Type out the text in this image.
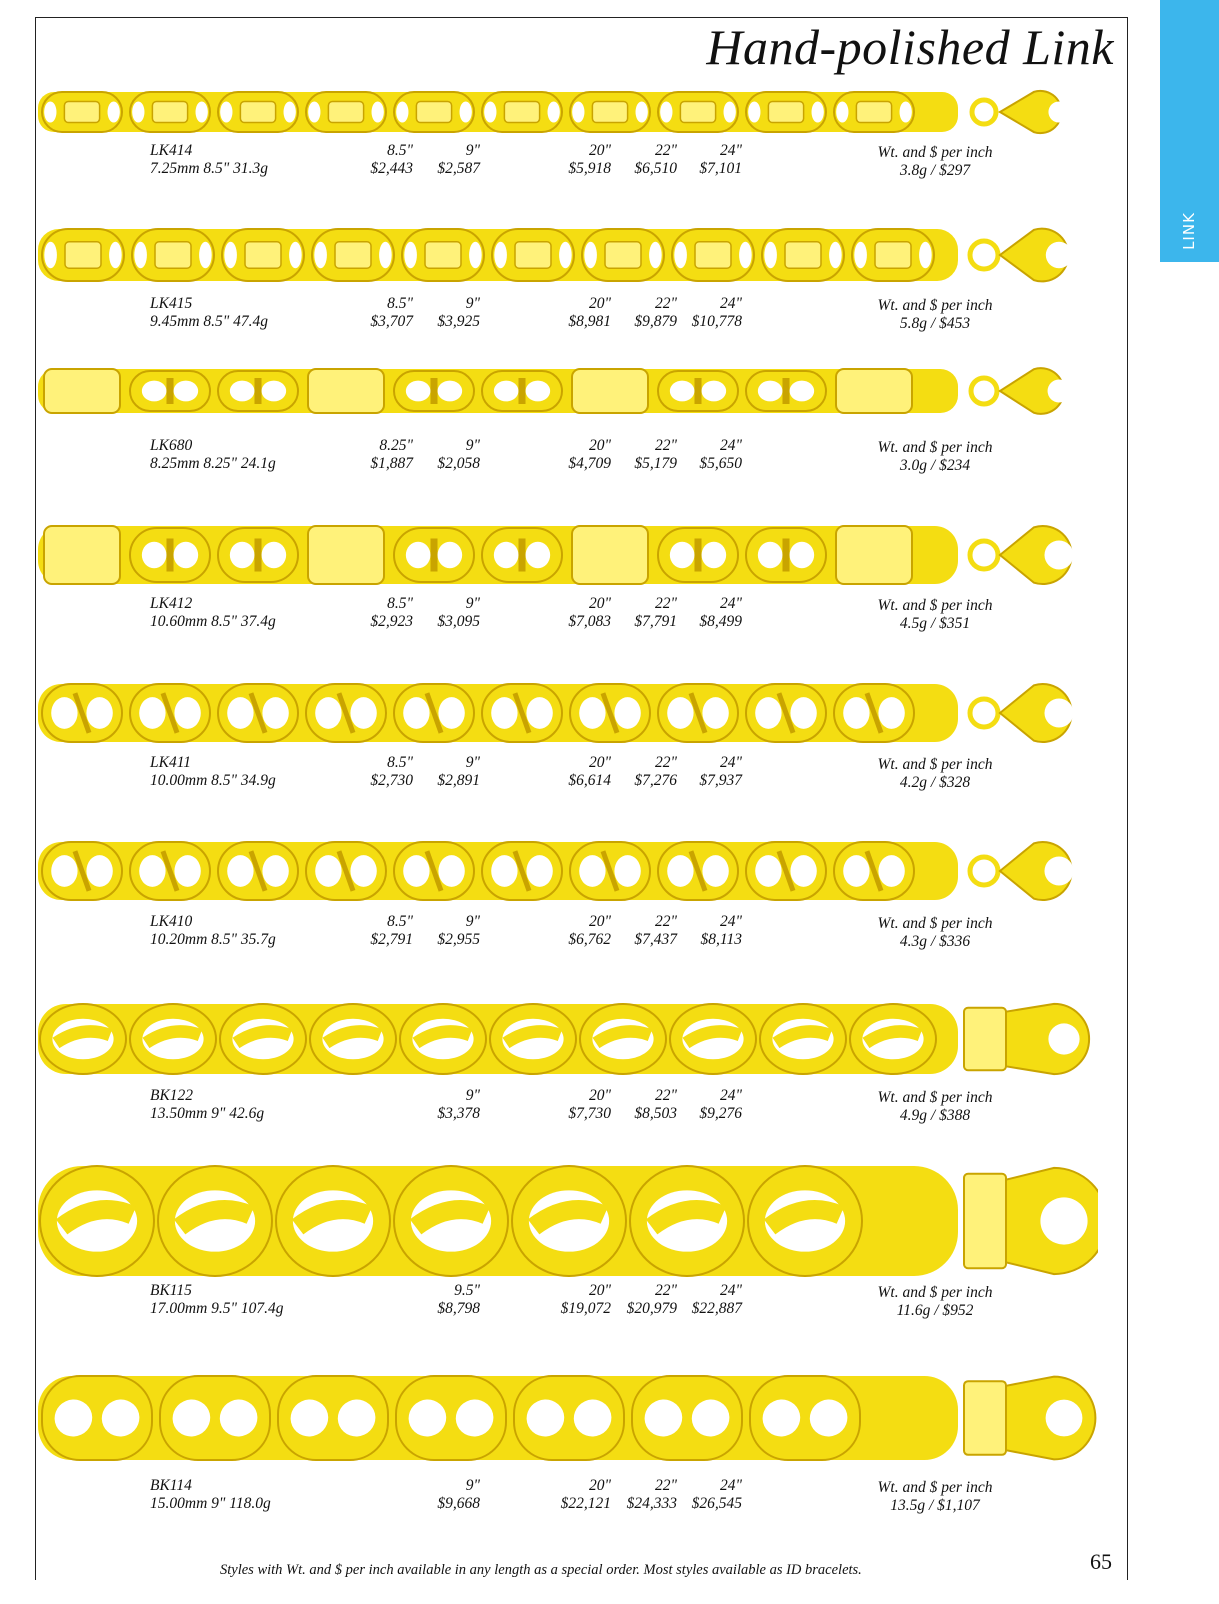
Hand-polished Link
LINK
LK414
7.25mm 8.5" 31.3g
8.5"
$2,443
9"
$2,587
20"
$5,918
22"
$6,510
24"
$7,101
Wt. and $ per inch
3.8g / $297
LK415
9.45mm 8.5" 47.4g
8.5"
$3,707
9"
$3,925
20"
$8,981
22"
$9,879
24"
$10,778
Wt. and $ per inch
5.8g / $453
LK680
8.25mm 8.25" 24.1g
8.25"
$1,887
9"
$2,058
20"
$4,709
22"
$5,179
24"
$5,650
Wt. and $ per inch
3.0g / $234
LK412
10.60mm 8.5" 37.4g
8.5"
$2,923
9"
$3,095
20"
$7,083
22"
$7,791
24"
$8,499
Wt. and $ per inch
4.5g / $351
LK411
10.00mm 8.5" 34.9g
8.5"
$2,730
9"
$2,891
20"
$6,614
22"
$7,276
24"
$7,937
Wt. and $ per inch
4.2g / $328
LK410
10.20mm 8.5" 35.7g
8.5"
$2,791
9"
$2,955
20"
$6,762
22"
$7,437
24"
$8,113
Wt. and $ per inch
4.3g / $336
BK122
13.50mm 9" 42.6g
9"
$3,378
20"
$7,730
22"
$8,503
24"
$9,276
Wt. and $ per inch
4.9g / $388
BK115
17.00mm 9.5" 107.4g
9.5"
$8,798
20"
$19,072
22"
$20,979
24"
$22,887
Wt. and $ per inch
11.6g / $952
BK114
15.00mm 9" 118.0g
9"
$9,668
20"
$22,121
22"
$24,333
24"
$26,545
Wt. and $ per inch
13.5g / $1,107
Styles with Wt. and $ per inch available in any length as a special order. Most styles available as ID bracelets.	65
